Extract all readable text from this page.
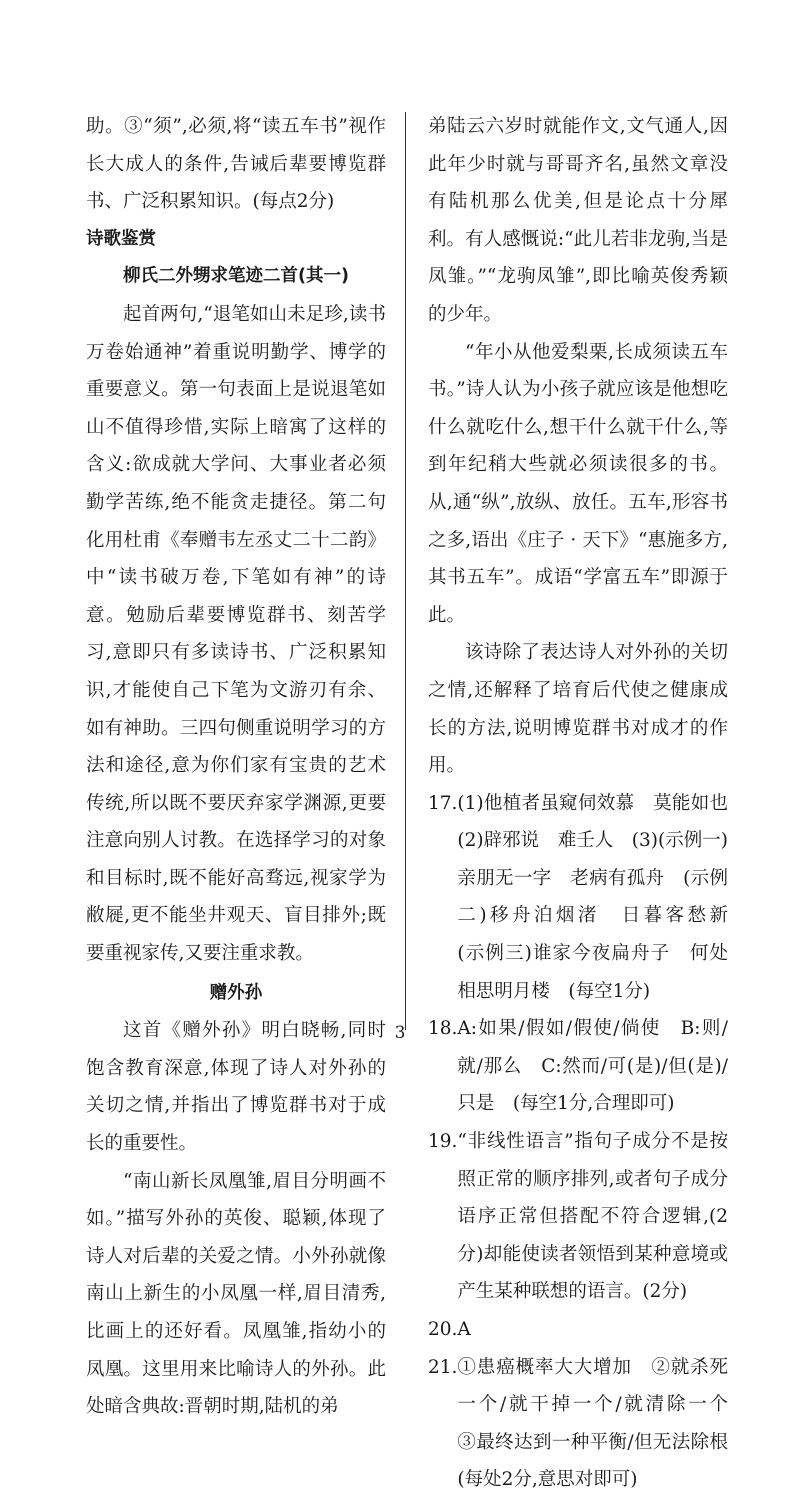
助。③“须”,必须,将“读五车书”视作长大成人的条件,告诫后辈要博览群书、广泛积累知识。(每点2分)

诗歌鉴赏

柳氏二外甥求笔迹二首(其一)

起首两句,“退笔如山未足珍,读书万卷始通神”着重说明勤学、博学的重要意义。第一句表面上是说退笔如山不值得珍惜,实际上暗寓了这样的含义:欲成就大学问、大事业者必须勤学苦练,绝不能贪走捷径。第二句化用杜甫《奉赠韦左丞丈二十二韵》中“读书破万卷,下笔如有神”的诗意。勉励后辈要博览群书、刻苦学习,意即只有多读诗书、广泛积累知识,才能使自己下笔为文游刃有余、如有神助。三四句侧重说明学习的方法和途径,意为你们家有宝贵的艺术传统,所以既不要厌弃家学渊源,更要注意向别人讨教。在选择学习的对象和目标时,既不能好高骛远,视家学为敝屣,更不能坐井观天、盲目排外;既要重视家传,又要注重求教。

赠外孙

这首《赠外孙》明白晓畅,同时饱含教育深意,体现了诗人对外孙的关切之情,并指出了博览群书对于成长的重要性。

“南山新长凤凰雏,眉目分明画不如。”描写外孙的英俊、聪颖,体现了诗人对后辈的关爱之情。小外孙就像南山上新生的小凤凰一样,眉目清秀,比画上的还好看。凤凰雏,指幼小的凤凰。这里用来比喻诗人的外孙。此处暗含典故:晋朝时期,陆机的弟

弟陆云六岁时就能作文,文气通人,因此年少时就与哥哥齐名,虽然文章没有陆机那么优美,但是论点十分犀利。有人感慨说:“此儿若非龙驹,当是凤雏。”“龙驹凤雏”,即比喻英俊秀颖的少年。

“年小从他爱梨栗,长成须读五车书。”诗人认为小孩子就应该是他想吃什么就吃什么,想干什么就干什么,等到年纪稍大些就必须读很多的书。从,通“纵”,放纵、放任。五车,形容书之多,语出《庄子 · 天下》“惠施多方,其书五车”。成语“学富五车”即源于此。

该诗除了表达诗人对外孙的关切之情,还解释了培育后代使之健康成长的方法,说明博览群书对成才的作用。

17. (1)他植者虽窥伺效慕　莫能如也　(2)辟邪说　难壬人　(3)(示例一)亲朋无一字　老病有孤舟　(示例二)移舟泊烟渚　日暮客愁新　(示例三)谁家今夜扁舟子　何处相思明月楼　(每空1分)

18. A:如果/假如/假使/倘使　B:则/就/那么　C:然而/可(是)/但(是)/只是　(每空1分,合理即可)

19. “非线性语言”指句子成分不是按照正常的顺序排列,或者句子成分语序正常但搭配不符合逻辑,(2分)却能使读者领悟到某种意境或产生某种联想的语言。(2分)

20. A

21. ①患癌概率大大增加　②就杀死一个/就干掉一个/就清除一个　③最终达到一种平衡/但无法除根　(每处2分,意思对即可)

3
